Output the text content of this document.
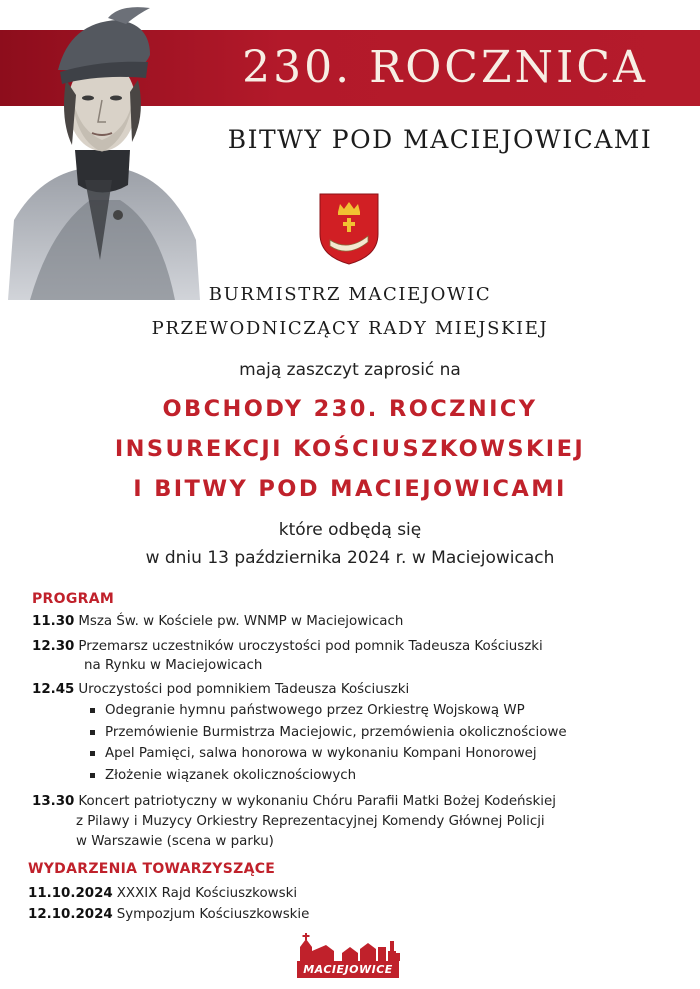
230. ROCZNICA
BITWY POD MACIEJOWICAMI
BURMISTRZ MACIEJOWIC
PRZEWODNICZĄCY RADY MIEJSKIEJ
mają zaszczyt zaprosić na
OBCHODY 230. ROCZNICY
INSUREKCJI KOŚCIUSZKOWSKIEJ
I BITWY POD MACIEJOWICAMI
które odbędą się
w dniu 13 października 2024 r. w Maciejowicach
PROGRAM
11.30 Msza Św. w Kościele pw. WNMP w Maciejowicach
12.30 Przemarsz uczestników uroczystości pod pomnik Tadeusza Kościuszki
na Rynku w Maciejowicach
12.45 Uroczystości pod pomnikiem Tadeusza Kościuszki
Odegranie hymnu państwowego przez Orkiestrę Wojskową WP
Przemówienie Burmistrza Maciejowic, przemówienia okolicznościowe
Apel Pamięci, salwa honorowa w wykonaniu Kompani Honorowej
Złożenie wiązanek okolicznościowych
13.30 Koncert patriotyczny w wykonaniu Chóru Parafii Matki Bożej Kodeńskiej
z Pilawy i Muzycy Orkiestry Reprezentacyjnej Komendy Głównej Policji
w Warszawie (scena w parku)
WYDARZENIA TOWARZYSZĄCE
11.10.2024 XXXIX Rajd Kościuszkowski
12.10.2024 Sympozjum Kościuszkowskie
MACIEJOWICE
